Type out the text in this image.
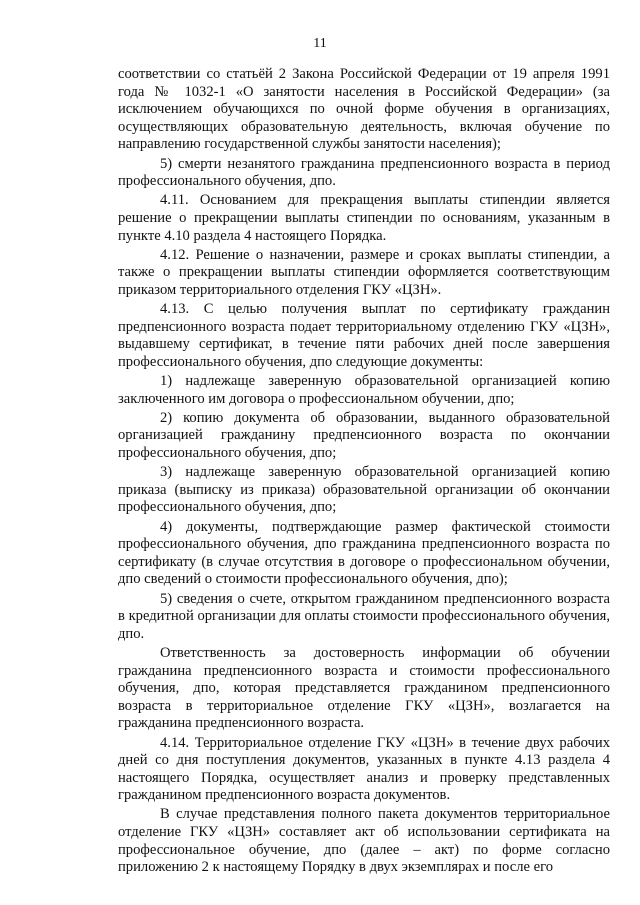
11

соответствии со статьёй 2 Закона Российской Федерации от 19 апреля 1991 года № 1032-1 «О занятости населения в Российской Федерации» (за исключением обучающихся по очной форме обучения в организациях, осуществляющих образовательную деятельность, включая обучение по направлению государственной службы занятости населения);

5) смерти незанятого гражданина предпенсионного возраста в период профессионального обучения, дпо.

4.11. Основанием для прекращения выплаты стипендии является решение о прекращении выплаты стипендии по основаниям, указанным в пункте 4.10 раздела 4 настоящего Порядка.

4.12. Решение о назначении, размере и сроках выплаты стипендии, а также о прекращении выплаты стипендии оформляется соответствующим приказом территориального отделения ГКУ «ЦЗН».

4.13. С целью получения выплат по сертификату гражданин предпенсионного возраста подает территориальному отделению ГКУ «ЦЗН», выдавшему сертификат, в течение пяти рабочих дней после завершения профессионального обучения, дпо следующие документы:

1) надлежаще заверенную образовательной организацией копию заключенного им договора о профессиональном обучении, дпо;

2) копию документа об образовании, выданного образовательной организацией гражданину предпенсионного возраста по окончании профессионального обучения, дпо;

3) надлежаще заверенную образовательной организацией копию приказа (выписку из приказа) образовательной организации об окончании профессионального обучения, дпо;

4) документы, подтверждающие размер фактической стоимости профессионального обучения, дпо гражданина предпенсионного возраста по сертификату (в случае отсутствия в договоре о профессиональном обучении, дпо сведений о стоимости профессионального обучения, дпо);

5) сведения о счете, открытом гражданином предпенсионного возраста в кредитной организации для оплаты стоимости профессионального обучения, дпо.

Ответственность за достоверность информации об обучении гражданина предпенсионного возраста и стоимости профессионального обучения, дпо, которая представляется гражданином предпенсионного возраста в территориальное отделение ГКУ «ЦЗН», возлагается на гражданина предпенсионного возраста.

4.14. Территориальное отделение ГКУ «ЦЗН» в течение двух рабочих дней со дня поступления документов, указанных в пункте 4.13 раздела 4 настоящего Порядка, осуществляет анализ и проверку представленных гражданином предпенсионного возраста документов.

В случае представления полного пакета документов территориальное отделение ГКУ «ЦЗН» составляет акт об использовании сертификата на профессиональное обучение, дпо (далее – акт) по форме согласно приложению 2 к настоящему Порядку в двух экземплярах и после его
